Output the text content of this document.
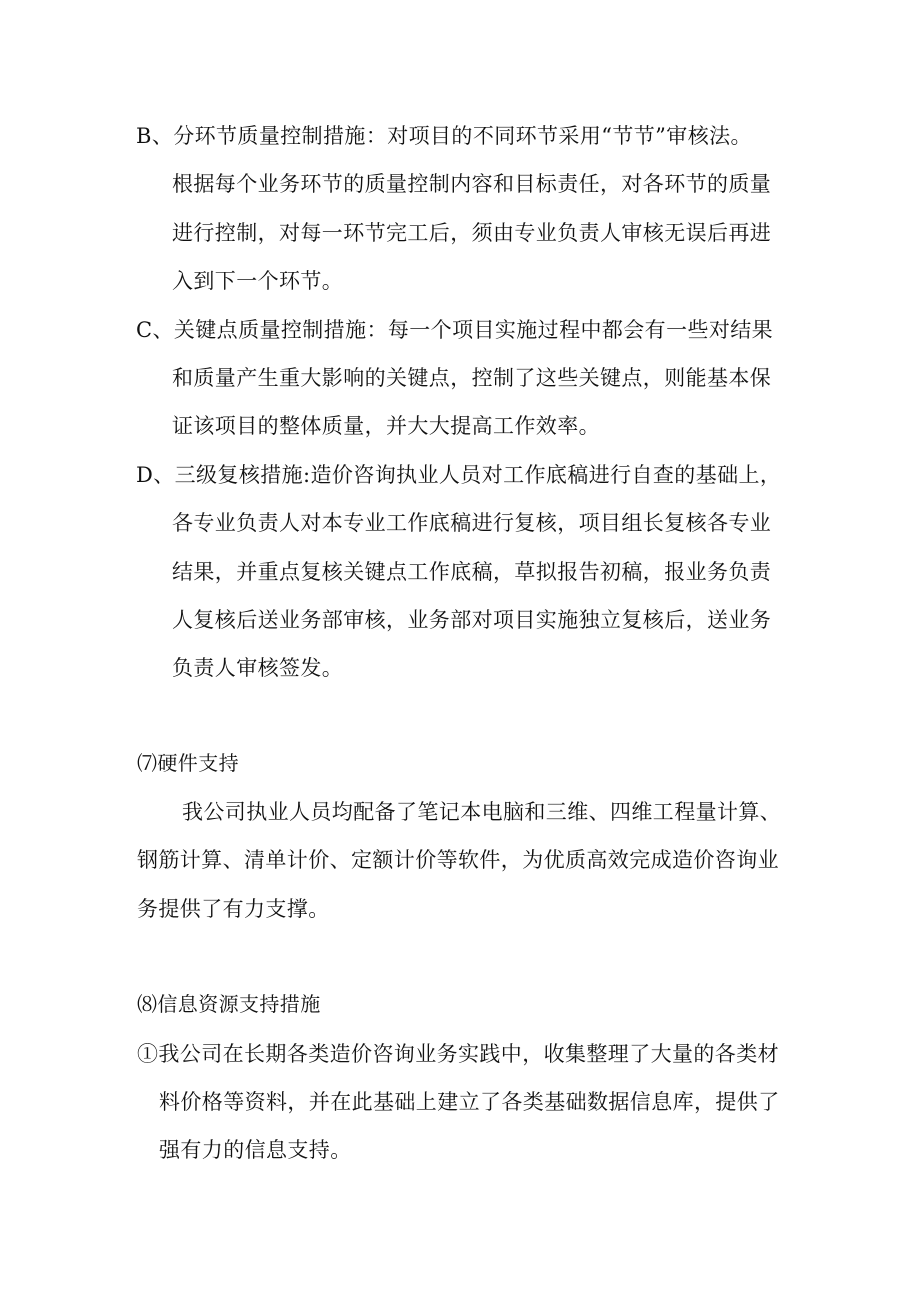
B、分环节质量控制措施：对项目的不同环节采用“节节”审核法。
根据每个业务环节的质量控制内容和目标责任，对各环节的质量
进行控制，对每一环节完工后，须由专业负责人审核无误后再进
入到下一个环节。
C、关键点质量控制措施：每一个项目实施过程中都会有一些对结果
和质量产生重大影响的关键点，控制了这些关键点，则能基本保
证该项目的整体质量，并大大提高工作效率。
D、三级复核措施:造价咨询执业人员对工作底稿进行自查的基础上，
各专业负责人对本专业工作底稿进行复核，项目组长复核各专业
结果，并重点复核关键点工作底稿，草拟报告初稿，报业务负责
人复核后送业务部审核，业务部对项目实施独立复核后，送业务
负责人审核签发。
⑺硬件支持
我公司执业人员均配备了笔记本电脑和三维、四维工程量计算、
钢筋计算、清单计价、定额计价等软件，为优质高效完成造价咨询业
务提供了有力支撑。
⑻信息资源支持措施
①我公司在长期各类造价咨询业务实践中，收集整理了大量的各类材
料价格等资料，并在此基础上建立了各类基础数据信息库，提供了
强有力的信息支持。
